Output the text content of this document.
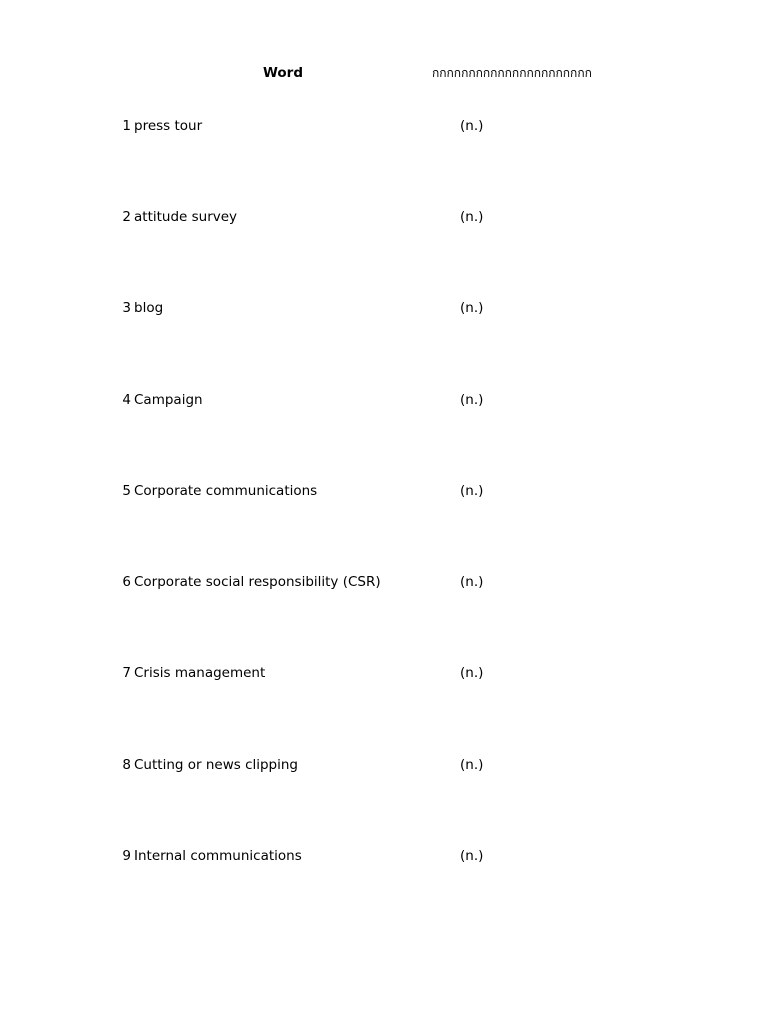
Word	กกกกกกกกกกกกกกกกกกกกกก
1 press tour	(n.)
2 attitude survey	(n.)
3 blog	(n.)
4 Campaign	(n.)
5 Corporate communications	(n.)
6 Corporate social responsibility (CSR)	(n.)
7 Crisis management	(n.)
8 Cutting or news clipping	(n.)
9 Internal communications	(n.)
